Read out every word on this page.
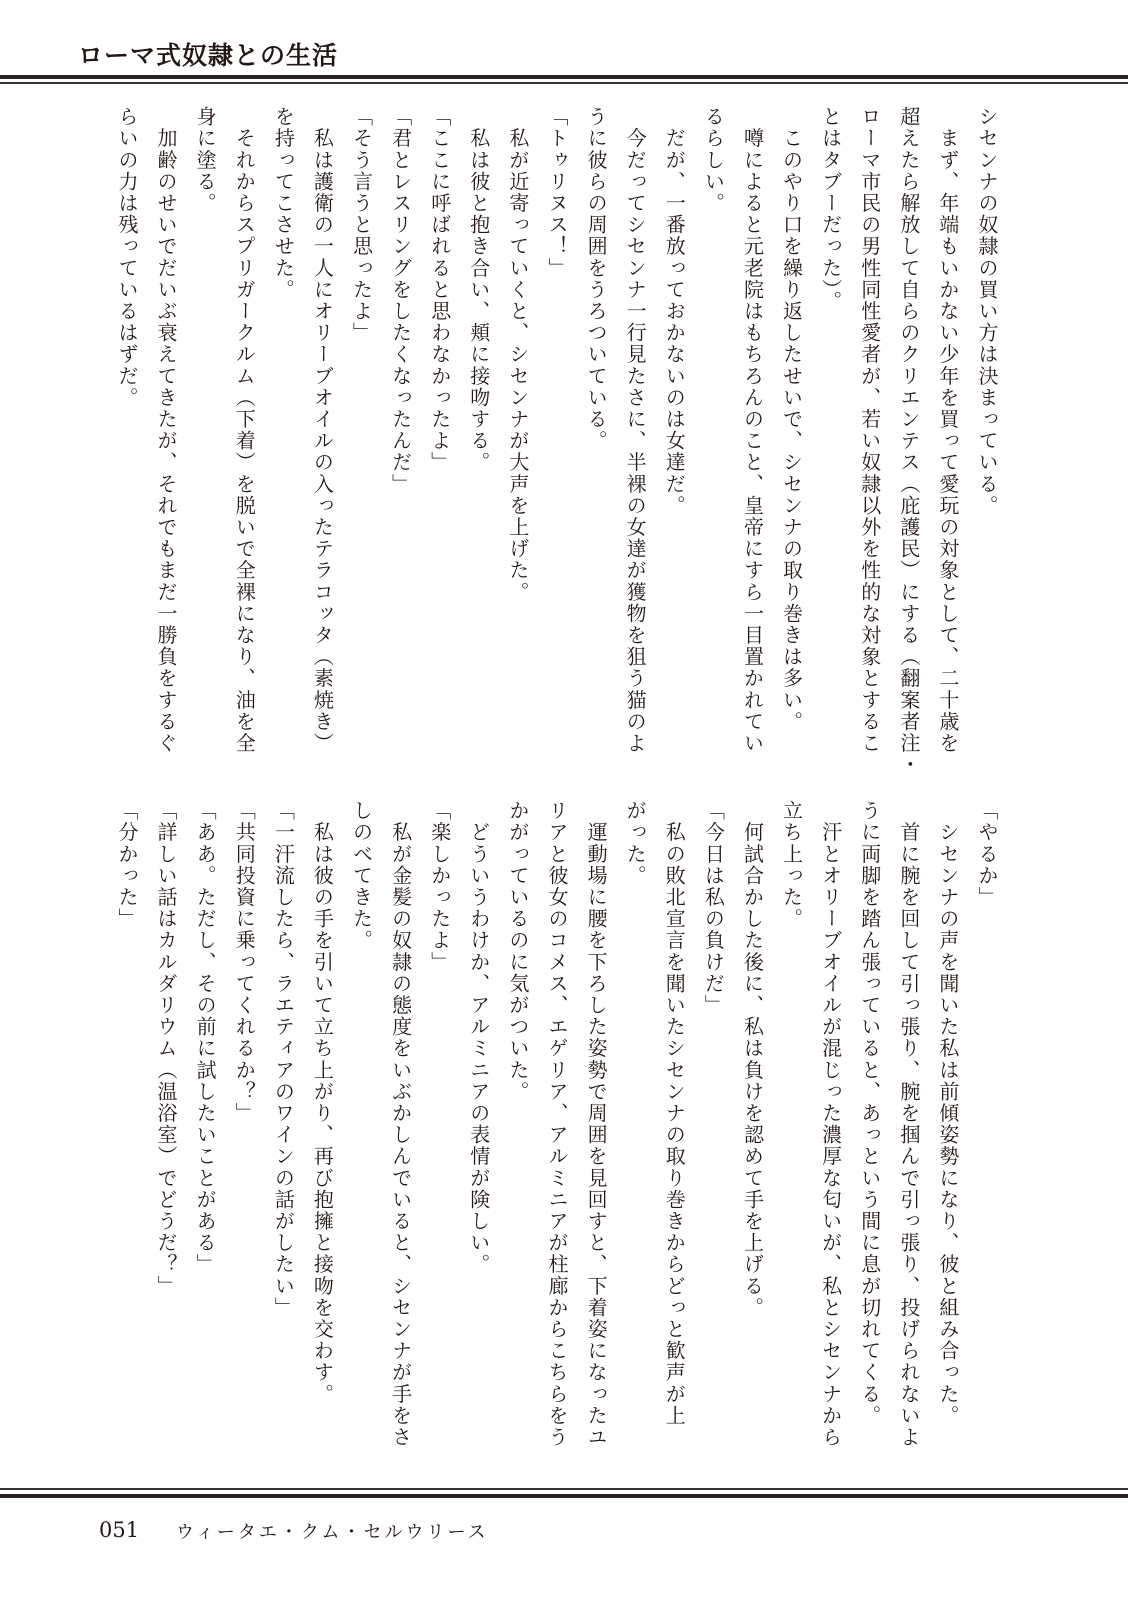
ローマ式奴隷との生活
シセンナの奴隷の買い方は決まっている。
　まず、年端もいかない少年を買って愛玩の対象として、二十歳を
超えたら解放して自らのクリエンテス（庇護民）にする（翻案者注・
ローマ市民の男性同性愛者が、若い奴隷以外を性的な対象とするこ
とはタブーだった）。
　このやり口を繰り返したせいで、シセンナの取り巻きは多い。
　噂によると元老院はもちろんのこと、皇帝にすら一目置かれてい
るらしい。
　だが、一番放っておかないのは女達だ。
　今だってシセンナ一行見たさに、半裸の女達が獲物を狙う猫のよ
うに彼らの周囲をうろついている。
「トゥリヌス！」
　私が近寄っていくと、シセンナが大声を上げた。
　私は彼と抱き合い、頬に接吻する。
「ここに呼ばれると思わなかったよ」
「君とレスリングをしたくなったんだ」
「そう言うと思ったよ」
　私は護衛の一人にオリーブオイルの入ったテラコッタ（素焼き）
を持ってこさせた。
　それからスプリガークルム（下着）を脱いで全裸になり、油を全
身に塗る。
　加齢のせいでだいぶ衰えてきたが、それでもまだ一勝負をするぐ
らいの力は残っているはずだ。
「やるか」
　シセンナの声を聞いた私は前傾姿勢になり、彼と組み合った。
　首に腕を回して引っ張り、腕を掴んで引っ張り、投げられないよ
うに両脚を踏ん張っていると、あっという間に息が切れてくる。
　汗とオリーブオイルが混じった濃厚な匂いが、私とシセンナから
立ち上った。
　何試合かした後に、私は負けを認めて手を上げる。
「今日は私の負けだ」
　私の敗北宣言を聞いたシセンナの取り巻きからどっと歓声が上
がった。
　運動場に腰を下ろした姿勢で周囲を見回すと、下着姿になったユ
リアと彼女のコメス、エゲリア、アルミニアが柱廊からこちらをう
かがっているのに気がついた。
　どういうわけか、アルミニアの表情が険しい。
「楽しかったよ」
　私が金髪の奴隷の態度をいぶかしんでいると、シセンナが手をさ
しのべてきた。
　私は彼の手を引いて立ち上がり、再び抱擁と接吻を交わす。
「一汗流したら、ラエティアのワインの話がしたい」
「共同投資に乗ってくれるか？」
「ああ。ただし、その前に試したいことがある」
「詳しい話はカルダリウム（温浴室）でどうだ？」
「分かった」
051 ウィータエ・クム・セルウリース
